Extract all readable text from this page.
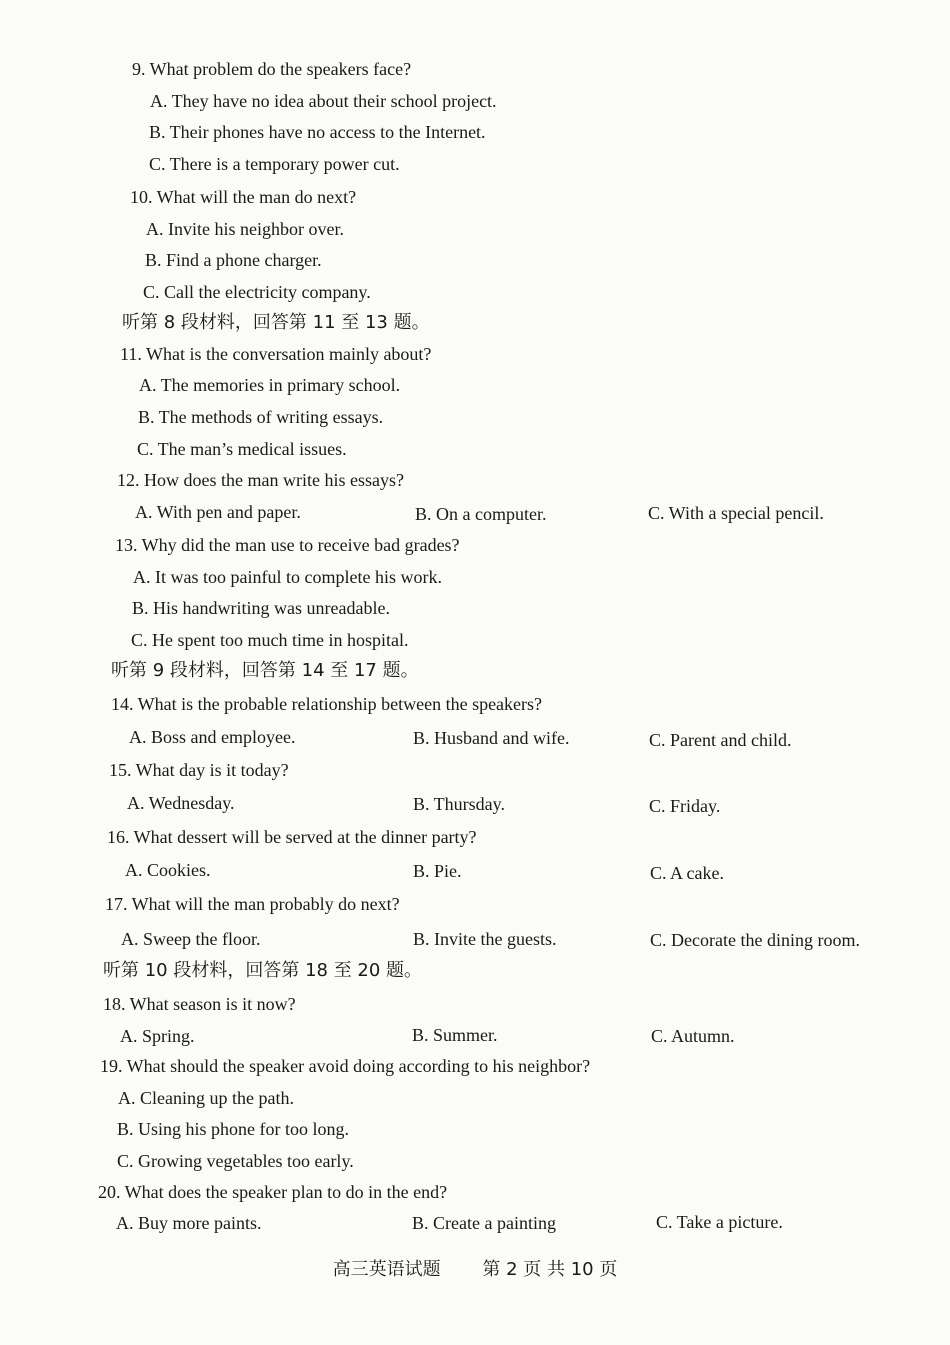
9. What problem do the speakers face?
A. They have no idea about their school project.
B. Their phones have no access to the Internet.
C. There is a temporary power cut.
10. What will the man do next?
A. Invite his neighbor over.
B. Find a phone charger.
C. Call the electricity company.
听第 8 段材料，回答第 11 至 13 题。
11. What is the conversation mainly about?
A. The memories in primary school.
B. The methods of writing essays.
C. The man’s medical issues.
12. How does the man write his essays?
A. With pen and paper.	B. On a computer.	C. With a special pencil.
13. Why did the man use to receive bad grades?
A. It was too painful to complete his work.
B. His handwriting was unreadable.
C. He spent too much time in hospital.
听第 9 段材料，回答第 14 至 17 题。
14. What is the probable relationship between the speakers?
A. Boss and employee.	B. Husband and wife.	C. Parent and child.
15. What day is it today?
A. Wednesday.	B. Thursday.	C. Friday.
16. What dessert will be served at the dinner party?
A. Cookies.	B. Pie.	C. A cake.
17. What will the man probably do next?
A. Sweep the floor.	B. Invite the guests.	C. Decorate the dining room.
听第 10 段材料，回答第 18 至 20 题。
18. What season is it now?
A. Spring.	B. Summer.	C. Autumn.
19. What should the speaker avoid doing according to his neighbor?
A. Cleaning up the path.
B. Using his phone for too long.
C. Growing vegetables too early.
20. What does the speaker plan to do in the end?
A. Buy more paints.	B. Create a painting	C. Take a picture.
高三英语试题 第 2 页 共 10 页
